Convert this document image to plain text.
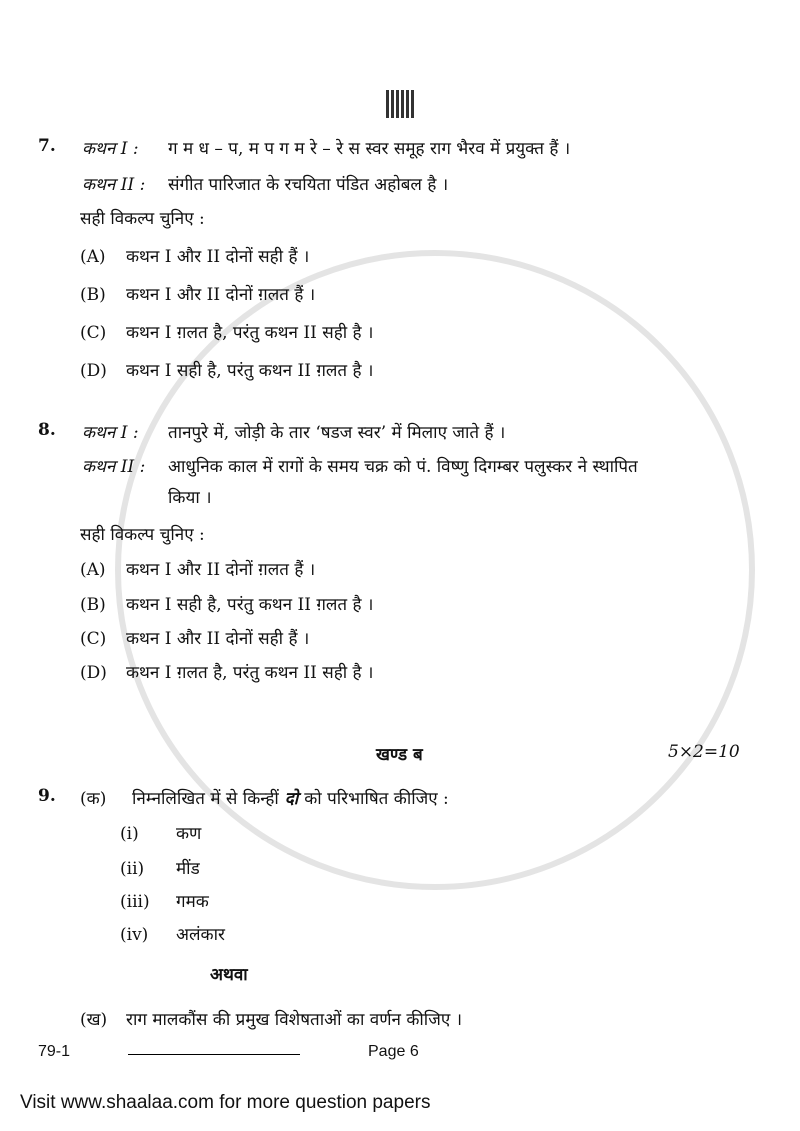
7. कथन I :	ग म ध – प, म प ग म रे – रे स स्वर समूह राग भैरव में प्रयुक्त हैं ।
कथन II :	संगीत पारिजात के रचयिता पंडित अहोबल है ।
सही विकल्प चुनिए :
(A)	कथन I और II दोनों सही हैं ।
(B)	कथन I और II दोनों ग़लत हैं ।
(C)	कथन I ग़लत है, परंतु कथन II सही है ।
(D)	कथन I सही है, परंतु कथन II ग़लत है ।
8. कथन I :	तानपुरे में, जोड़ी के तार ‘षडज स्वर’ में मिलाए जाते हैं ।
कथन II :	आधुनिक काल में रागों के समय चक्र को पं. विष्णु दिगम्बर पलुस्कर ने स्थापित
किया ।
सही विकल्प चुनिए :
(A)	कथन I और II दोनों ग़लत हैं ।
(B)	कथन I सही है, परंतु कथन II ग़लत है ।
(C)	कथन I और II दोनों सही हैं ।
(D)	कथन I ग़लत है, परंतु कथन II सही है ।
खण्ड ब	5×2=10
9. (क)	निम्नलिखित में से किन्हीं दो को परिभाषित कीजिए :
(i)	कण
(ii)	मींड
(iii)	गमक
(iv)	अलंकार
अथवा
(ख)	राग मालकौंस की प्रमुख विशेषताओं का वर्णन कीजिए ।
79-1	Page 6
Visit www.shaalaa.com for more question papers
